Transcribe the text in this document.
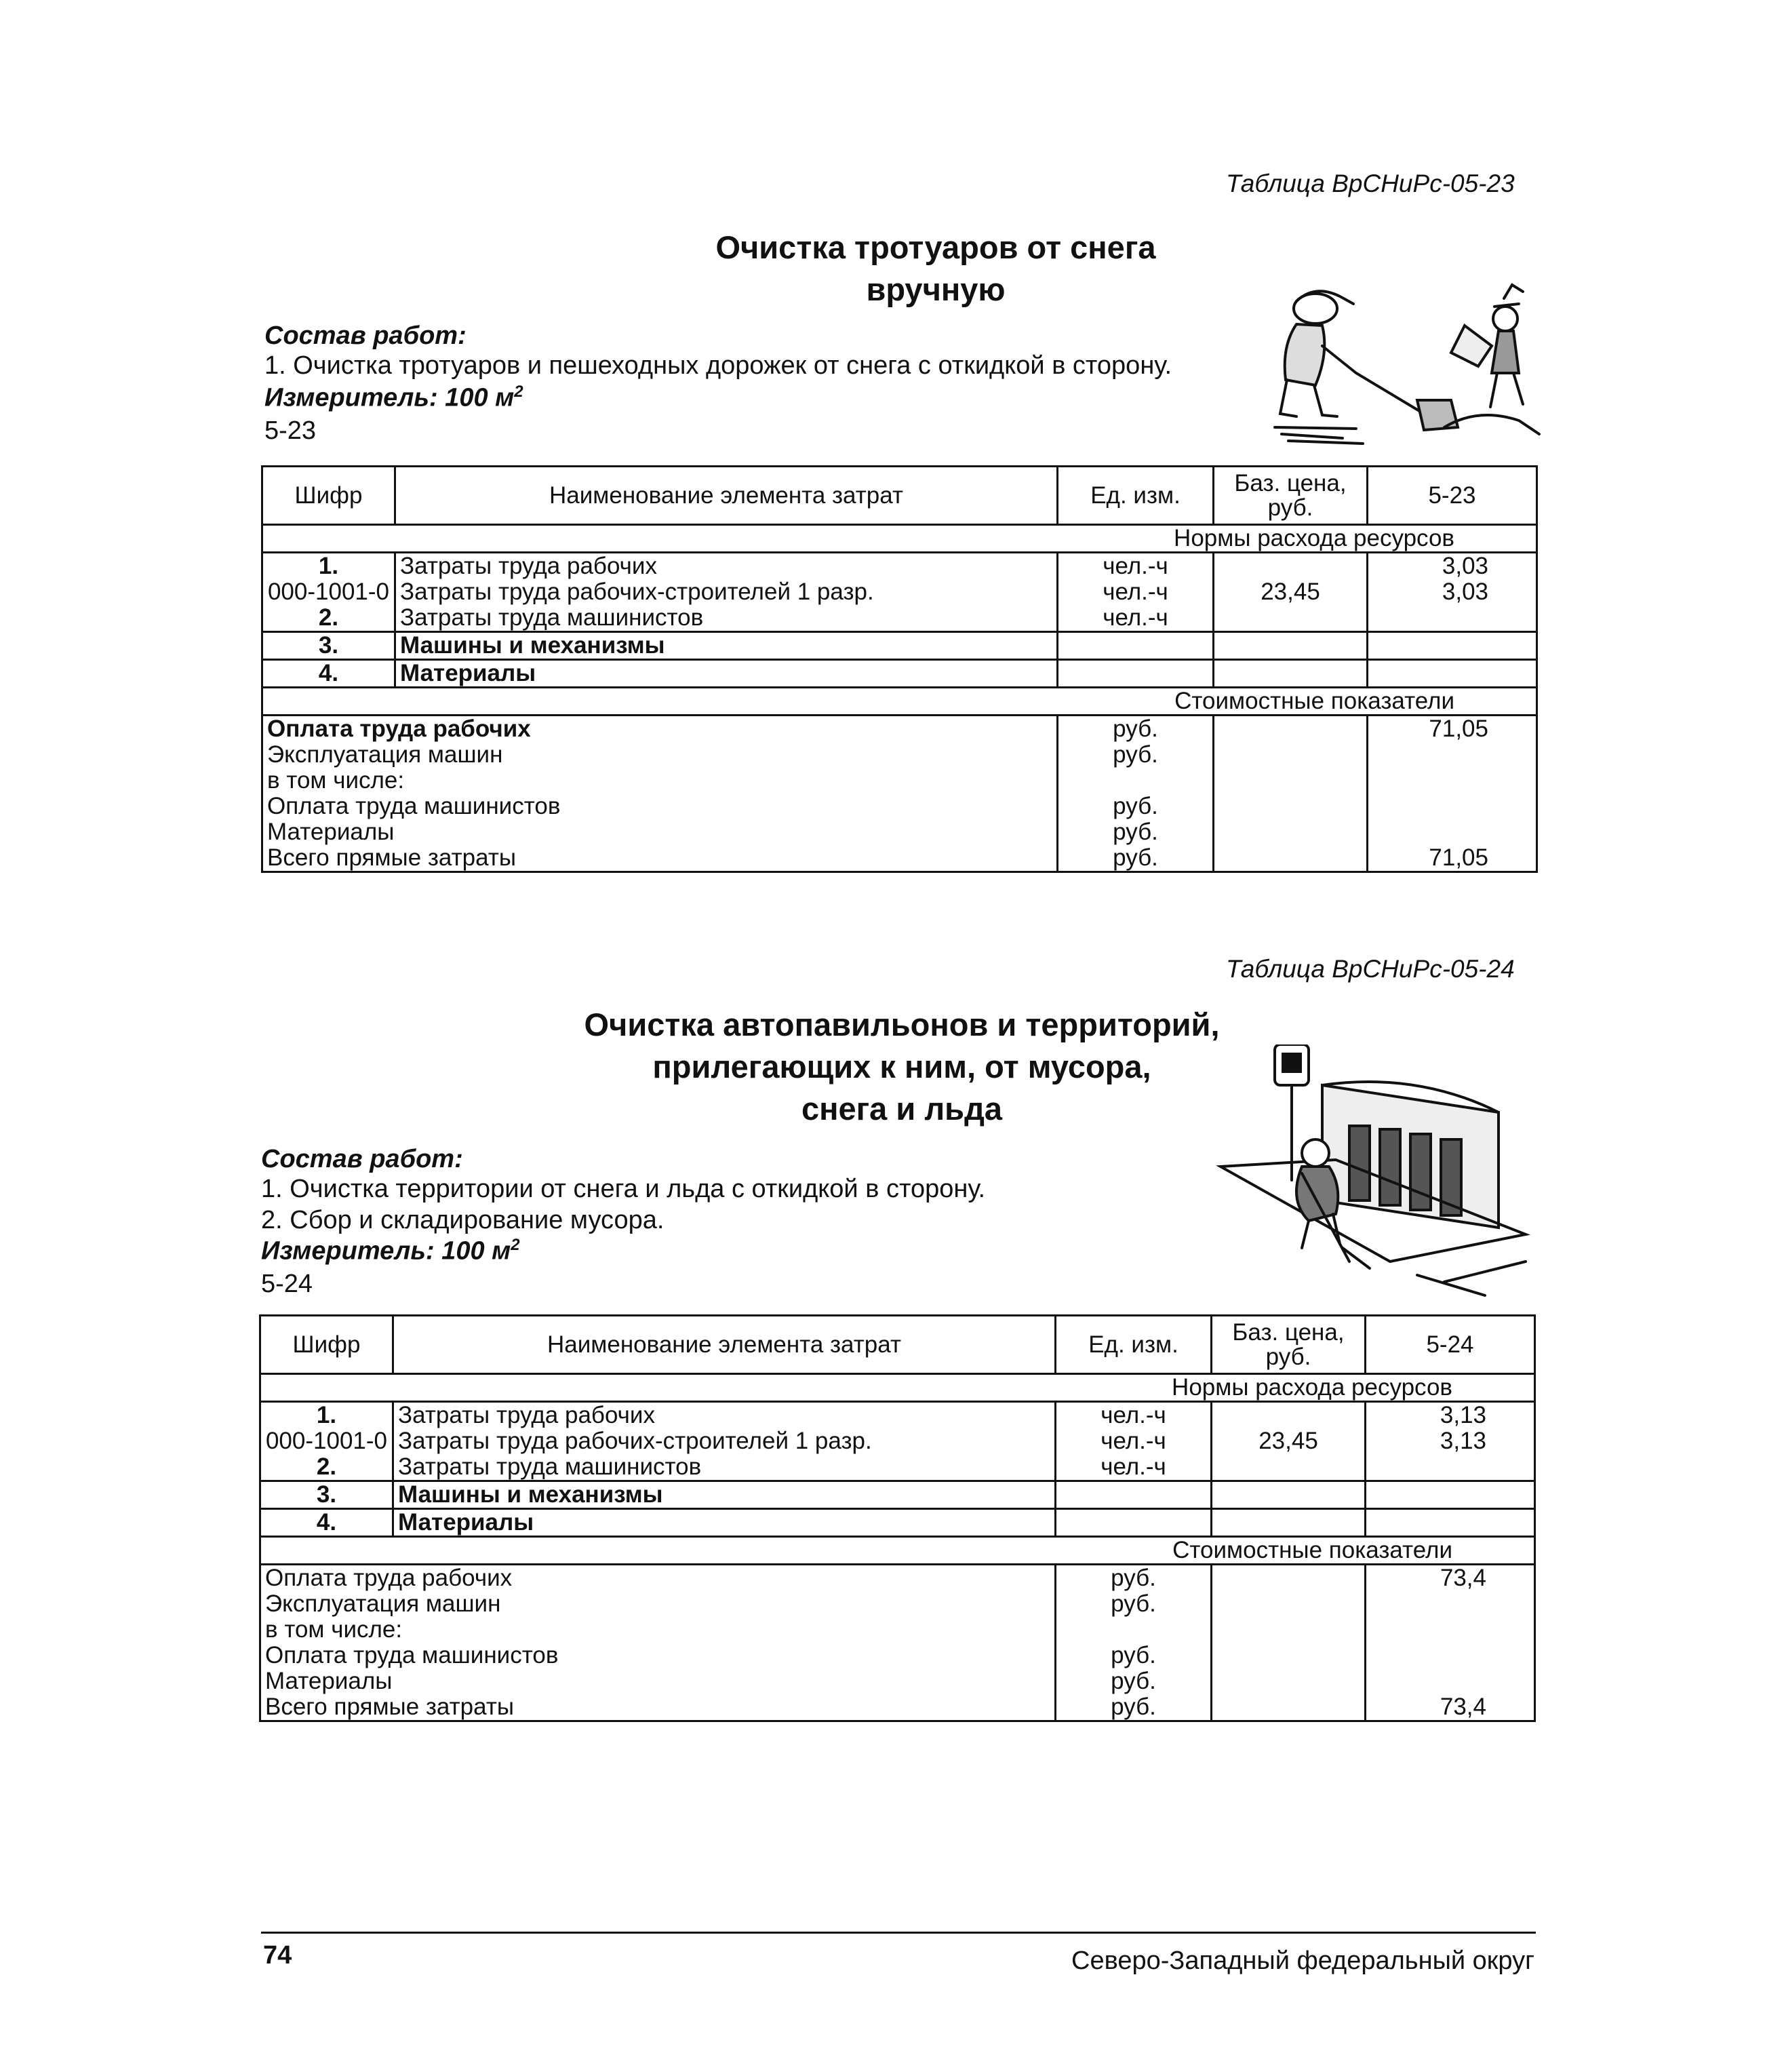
Таблица ВрСНиРс-05-23
Очистка тротуаров от снега
вручную
Состав работ:
1. Очистка тротуаров и пешеходных дорожек от снега с откидкой в сторону.
Измеритель: 100 $м^2$
5-23
Шифр	Наименование элемента затрат	Ед. изм.	Баз. цена, руб.	5-23
Нормы расхода ресурсов				
1.	Затраты труда рабочих	чел.-ч		3,03
000-1001-0	Затраты труда рабочих-строителей 1 разр.	чел.-ч	23,45	3,03
2.	Затраты труда машинистов	чел.-ч		
3.	Машины и механизмы			
4.	Материалы			
Стоимостные показатели				
Оплата труда рабочих		руб.		71,05
Эксплуатация машин		руб.		
в том числе:				
Оплата труда машинистов		руб.		
Материалы		руб.		
Всего прямые затраты		руб.		71,05
Таблица ВрСНиРс-05-24
Очистка автопавильонов и территорий,
прилегающих к ним, от мусора,
снега и льда
Состав работ:
1. Очистка территории от снега и льда с откидкой в сторону.
2. Сбор и складирование мусора.
Измеритель: 100 $м^2$
5-24
Шифр	Наименование элемента затрат	Ед. изм.	Баз. цена, руб.	5-24
Нормы расхода ресурсов				
1.	Затраты труда рабочих	чел.-ч		3,13
000-1001-0	Затраты труда рабочих-строителей 1 разр.	чел.-ч	23,45	3,13
2.	Затраты труда машинистов	чел.-ч		
3.	Машины и механизмы			
4.	Материалы			
Стоимостные показатели				
Оплата труда рабочих		руб.		73,4
Эксплуатация машин		руб.		
в том числе:				
Оплата труда машинистов		руб.		
Материалы		руб.		
Всего прямые затраты		руб.		73,4
74	Северо-Западный федеральный округ
